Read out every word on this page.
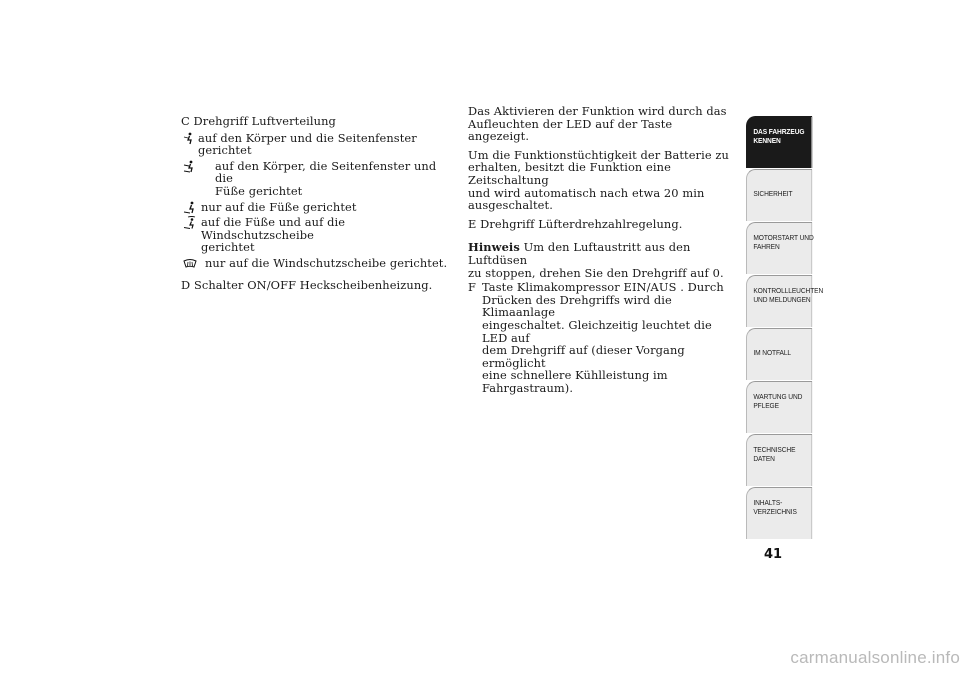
C Drehgriff Luftverteilung
auf den Körper und die Seitenfenster gerichtet
auf den Körper, die Seitenfenster und die
Füße gerichtet
nur auf die Füße gerichtet
auf die Füße und auf die Windschutzscheibe
gerichtet
nur auf die Windschutzscheibe gerichtet.
D Schalter ON/OFF Heckscheibenheizung.
Das Aktivieren der Funktion wird durch das
Aufleuchten der LED auf der Taste angezeigt.
Um die Funktionstüchtigkeit der Batterie zu
erhalten, besitzt die Funktion eine Zeitschaltung
und wird automatisch nach etwa 20 min
ausgeschaltet.
E Drehgriff Lüfterdrehzahlregelung.
Hinweis Um den Luftaustritt aus den Luftdüsen
zu stoppen, drehen Sie den Drehgriff auf 0.
F Taste Klimakompressor EIN/AUS . Durch
Drücken des Drehgriffs wird die Klimaanlage
eingeschaltet. Gleichzeitig leuchtet die LED auf
dem Drehgriff auf (dieser Vorgang ermöglicht
eine schnellere Kühlleistung im Fahrgastraum).
DAS FAHRZEUG
KENNEN
SICHERHEIT
MOTORSTART UND
FAHREN
KONTROLLLEUCHTEN
UND MELDUNGEN
IM NOTFALL
WARTUNG UND
PFLEGE
TECHNISCHE
DATEN
INHALTS-
VERZEICHNIS
41
carmanualsonline.info
